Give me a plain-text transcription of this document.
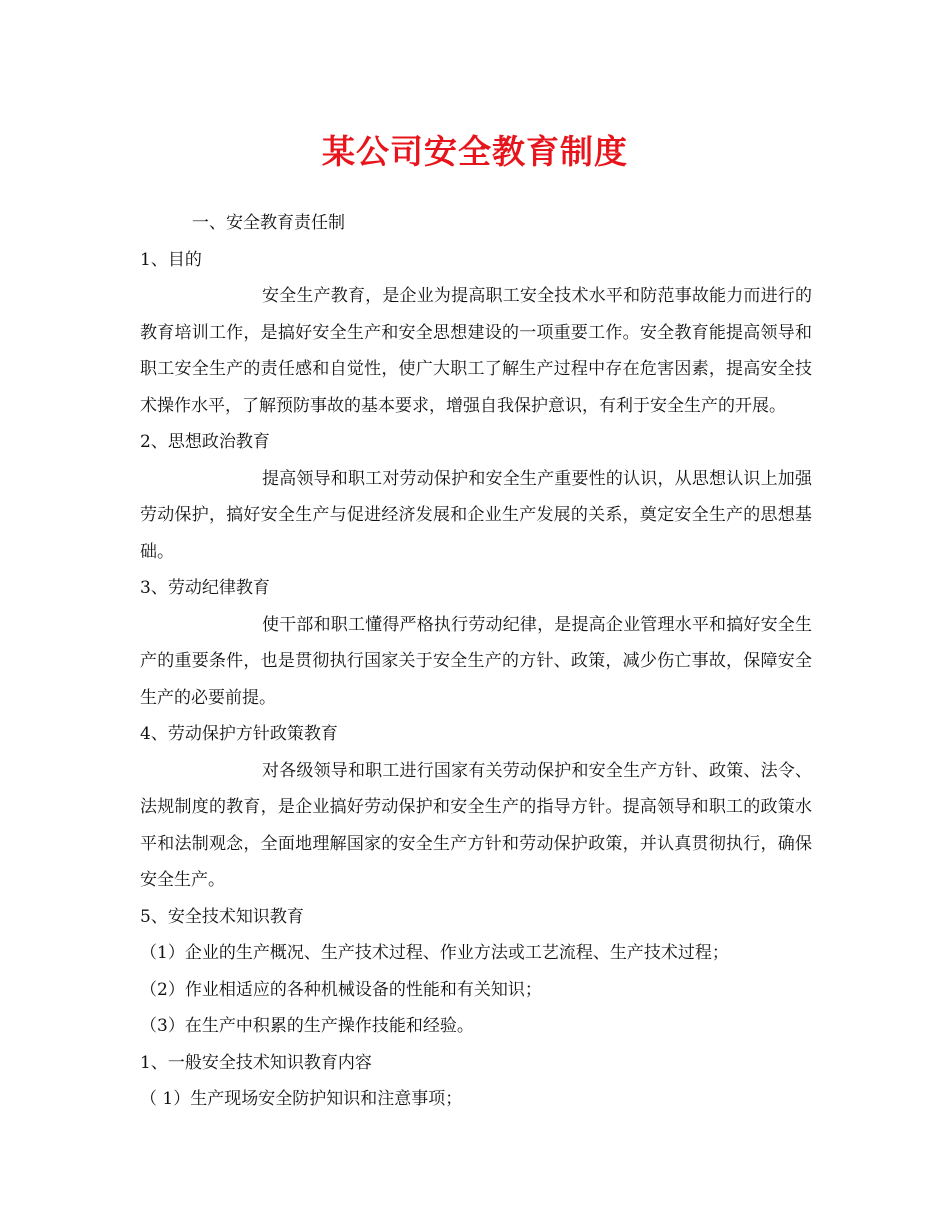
某公司安全教育制度

一、安全教育责任制

1、目的

安全生产教育，是企业为提高职工安全技术水平和防范事故能力而进行的教育培训工作，是搞好安全生产和安全思想建设的一项重要工作。安全教育能提高领导和职工安全生产的责任感和自觉性，使广大职工了解生产过程中存在危害因素，提高安全技术操作水平，了解预防事故的基本要求，增强自我保护意识，有利于安全生产的开展。

2、思想政治教育

提高领导和职工对劳动保护和安全生产重要性的认识，从思想认识上加强劳动保护，搞好安全生产与促进经济发展和企业生产发展的关系，奠定安全生产的思想基础。

3、劳动纪律教育

使干部和职工懂得严格执行劳动纪律，是提高企业管理水平和搞好安全生产的重要条件，也是贯彻执行国家关于安全生产的方针、政策，减少伤亡事故，保障安全生产的必要前提。

4、劳动保护方针政策教育

对各级领导和职工进行国家有关劳动保护和安全生产方针、政策、法令、法规制度的教育，是企业搞好劳动保护和安全生产的指导方针。提高领导和职工的政策水平和法制观念，全面地理解国家的安全生产方针和劳动保护政策，并认真贯彻执行，确保安全生产。

5、安全技术知识教育

（1）企业的生产概况、生产技术过程、作业方法或工艺流程、生产技术过程；

（2）作业相适应的各种机械设备的性能和有关知识；

（3）在生产中积累的生产操作技能和经验。

1、一般安全技术知识教育内容

（ 1）生产现场安全防护知识和注意事项；
